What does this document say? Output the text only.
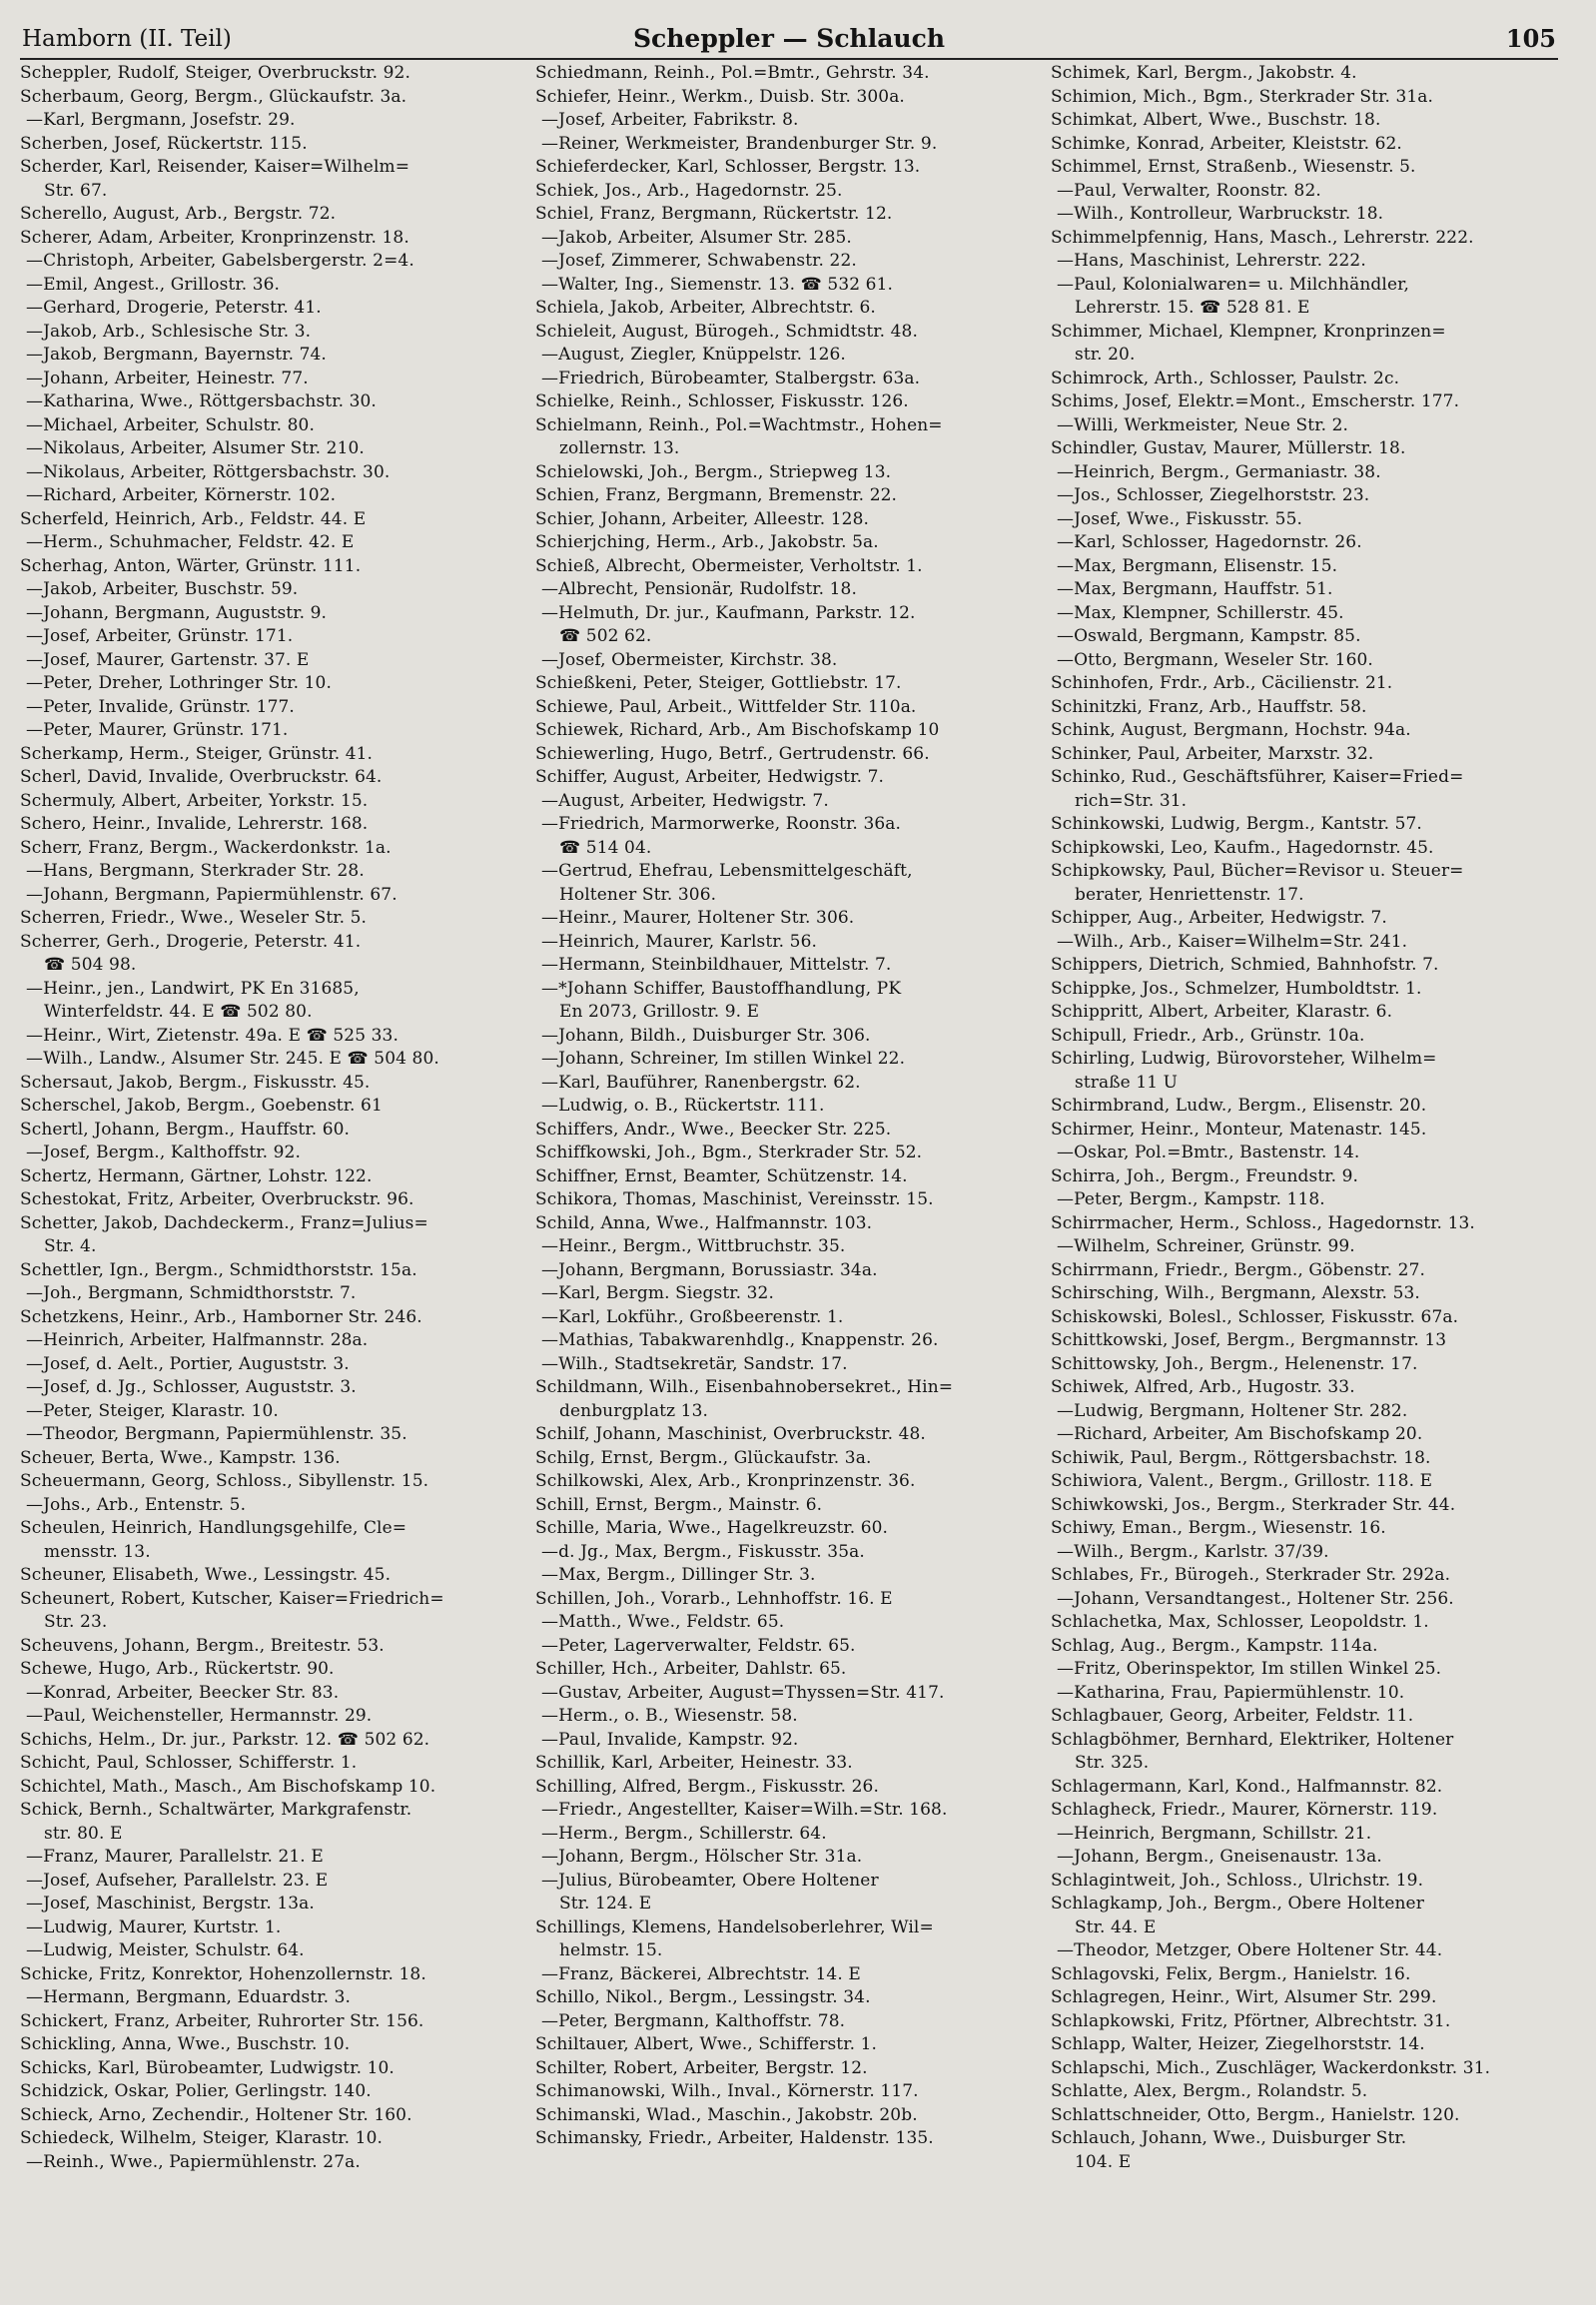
Hamborn (II. Teil)	Scheppler — Schlauch	105
Scheppler, Rudolf, Steiger, Overbruckstr. 92.
Scherbaum, Georg, Bergm., Glückaufstr. 3a.
—Karl, Bergmann, Josefstr. 29.
Scherben, Josef, Rückertstr. 115.
Scherder, Karl, Reisender, Kaiser=Wilhelm=
Str. 67.
Scherello, August, Arb., Bergstr. 72.
Scherer, Adam, Arbeiter, Kronprinzenstr. 18.
—Christoph, Arbeiter, Gabelsbergerstr. 2=4.
—Emil, Angest., Grillostr. 36.
—Gerhard, Drogerie, Peterstr. 41.
—Jakob, Arb., Schlesische Str. 3.
—Jakob, Bergmann, Bayernstr. 74.
—Johann, Arbeiter, Heinestr. 77.
—Katharina, Wwe., Röttgersbachstr. 30.
—Michael, Arbeiter, Schulstr. 80.
—Nikolaus, Arbeiter, Alsumer Str. 210.
—Nikolaus, Arbeiter, Röttgersbachstr. 30.
—Richard, Arbeiter, Körnerstr. 102.
Scherfeld, Heinrich, Arb., Feldstr. 44. E
—Herm., Schuhmacher, Feldstr. 42. E
Scherhag, Anton, Wärter, Grünstr. 111.
—Jakob, Arbeiter, Buschstr. 59.
—Johann, Bergmann, Auguststr. 9.
—Josef, Arbeiter, Grünstr. 171.
—Josef, Maurer, Gartenstr. 37. E
—Peter, Dreher, Lothringer Str. 10.
—Peter, Invalide, Grünstr. 177.
—Peter, Maurer, Grünstr. 171.
Scherkamp, Herm., Steiger, Grünstr. 41.
Scherl, David, Invalide, Overbruckstr. 64.
Schermuly, Albert, Arbeiter, Yorkstr. 15.
Schero, Heinr., Invalide, Lehrerstr. 168.
Scherr, Franz, Bergm., Wackerdonkstr. 1a.
—Hans, Bergmann, Sterkrader Str. 28.
—Johann, Bergmann, Papiermühlenstr. 67.
Scherren, Friedr., Wwe., Weseler Str. 5.
Scherrer, Gerh., Drogerie, Peterstr. 41.
☎ 504 98.
—Heinr., jen., Landwirt, PK En 31685,
Winterfeldstr. 44. E ☎ 502 80.
—Heinr., Wirt, Zietenstr. 49a. E ☎ 525 33.
—Wilh., Landw., Alsumer Str. 245. E ☎ 504 80.
Schersaut, Jakob, Bergm., Fiskusstr. 45.
Scherschel, Jakob, Bergm., Goebenstr. 61
Schertl, Johann, Bergm., Hauffstr. 60.
—Josef, Bergm., Kalthoffstr. 92.
Schertz, Hermann, Gärtner, Lohstr. 122.
Schestokat, Fritz, Arbeiter, Overbruckstr. 96.
Schetter, Jakob, Dachdeckerm., Franz=Julius=
Str. 4.
Schettler, Ign., Bergm., Schmidthorststr. 15a.
—Joh., Bergmann, Schmidthorststr. 7.
Schetzkens, Heinr., Arb., Hamborner Str. 246.
—Heinrich, Arbeiter, Halfmannstr. 28a.
—Josef, d. Aelt., Portier, Auguststr. 3.
—Josef, d. Jg., Schlosser, Auguststr. 3.
—Peter, Steiger, Klarastr. 10.
—Theodor, Bergmann, Papiermühlenstr. 35.
Scheuer, Berta, Wwe., Kampstr. 136.
Scheuermann, Georg, Schloss., Sibyllenstr. 15.
—Johs., Arb., Entenstr. 5.
Scheulen, Heinrich, Handlungsgehilfe, Cle=
mensstr. 13.
Scheuner, Elisabeth, Wwe., Lessingstr. 45.
Scheunert, Robert, Kutscher, Kaiser=Friedrich=
Str. 23.
Scheuvens, Johann, Bergm., Breitestr. 53.
Schewe, Hugo, Arb., Rückertstr. 90.
—Konrad, Arbeiter, Beecker Str. 83.
—Paul, Weichensteller, Hermannstr. 29.
Schichs, Helm., Dr. jur., Parkstr. 12. ☎ 502 62.
Schicht, Paul, Schlosser, Schifferstr. 1.
Schichtel, Math., Masch., Am Bischofskamp 10.
Schick, Bernh., Schaltwärter, Markgrafenstr.
str. 80. E
—Franz, Maurer, Parallelstr. 21. E
—Josef, Aufseher, Parallelstr. 23. E
—Josef, Maschinist, Bergstr. 13a.
—Ludwig, Maurer, Kurtstr. 1.
—Ludwig, Meister, Schulstr. 64.
Schicke, Fritz, Konrektor, Hohenzollernstr. 18.
—Hermann, Bergmann, Eduardstr. 3.
Schickert, Franz, Arbeiter, Ruhrorter Str. 156.
Schickling, Anna, Wwe., Buschstr. 10.
Schicks, Karl, Bürobeamter, Ludwigstr. 10.
Schidzick, Oskar, Polier, Gerlingstr. 140.
Schieck, Arno, Zechendir., Holtener Str. 160.
Schiedeck, Wilhelm, Steiger, Klarastr. 10.
—Reinh., Wwe., Papiermühlenstr. 27a.
Schiedmann, Reinh., Pol.=Bmtr., Gehrstr. 34.
Schiefer, Heinr., Werkm., Duisb. Str. 300a.
—Josef, Arbeiter, Fabrikstr. 8.
—Reiner, Werkmeister, Brandenburger Str. 9.
Schieferdecker, Karl, Schlosser, Bergstr. 13.
Schiek, Jos., Arb., Hagedornstr. 25.
Schiel, Franz, Bergmann, Rückertstr. 12.
—Jakob, Arbeiter, Alsumer Str. 285.
—Josef, Zimmerer, Schwabenstr. 22.
—Walter, Ing., Siemenstr. 13. ☎ 532 61.
Schiela, Jakob, Arbeiter, Albrechtstr. 6.
Schieleit, August, Bürogeh., Schmidtstr. 48.
—August, Ziegler, Knüppelstr. 126.
—Friedrich, Bürobeamter, Stalbergstr. 63a.
Schielke, Reinh., Schlosser, Fiskusstr. 126.
Schielmann, Reinh., Pol.=Wachtmstr., Hohen=
zollernstr. 13.
Schielowski, Joh., Bergm., Striepweg 13.
Schien, Franz, Bergmann, Bremenstr. 22.
Schier, Johann, Arbeiter, Alleestr. 128.
Schierjching, Herm., Arb., Jakobstr. 5a.
Schieß, Albrecht, Obermeister, Verholtstr. 1.
—Albrecht, Pensionär, Rudolfstr. 18.
—Helmuth, Dr. jur., Kaufmann, Parkstr. 12.
☎ 502 62.
—Josef, Obermeister, Kirchstr. 38.
Schießkeni, Peter, Steiger, Gottliebstr. 17.
Schiewe, Paul, Arbeit., Wittfelder Str. 110a.
Schiewek, Richard, Arb., Am Bischofskamp 10
Schiewerling, Hugo, Betrf., Gertrudenstr. 66.
Schiffer, August, Arbeiter, Hedwigstr. 7.
—August, Arbeiter, Hedwigstr. 7.
—Friedrich, Marmorwerke, Roonstr. 36a.
☎ 514 04.
—Gertrud, Ehefrau, Lebensmittelgeschäft,
Holtener Str. 306.
—Heinr., Maurer, Holtener Str. 306.
—Heinrich, Maurer, Karlstr. 56.
—Hermann, Steinbildhauer, Mittelstr. 7.
—*Johann Schiffer, Baustoffhandlung, PK
En 2073, Grillostr. 9. E
—Johann, Bildh., Duisburger Str. 306.
—Johann, Schreiner, Im stillen Winkel 22.
—Karl, Bauführer, Ranenbergstr. 62.
—Ludwig, o. B., Rückertstr. 111.
Schiffers, Andr., Wwe., Beecker Str. 225.
Schiffkowski, Joh., Bgm., Sterkrader Str. 52.
Schiffner, Ernst, Beamter, Schützenstr. 14.
Schikora, Thomas, Maschinist, Vereinsstr. 15.
Schild, Anna, Wwe., Halfmannstr. 103.
—Heinr., Bergm., Wittbruchstr. 35.
—Johann, Bergmann, Borussiastr. 34a.
—Karl, Bergm. Siegstr. 32.
—Karl, Lokführ., Großbeerenstr. 1.
—Mathias, Tabakwarenhdlg., Knappenstr. 26.
—Wilh., Stadtsekretär, Sandstr. 17.
Schildmann, Wilh., Eisenbahnobersekret., Hin=
denburgplatz 13.
Schilf, Johann, Maschinist, Overbruckstr. 48.
Schilg, Ernst, Bergm., Glückaufstr. 3a.
Schilkowski, Alex, Arb., Kronprinzenstr. 36.
Schill, Ernst, Bergm., Mainstr. 6.
Schille, Maria, Wwe., Hagelkreuzstr. 60.
—d. Jg., Max, Bergm., Fiskusstr. 35a.
—Max, Bergm., Dillinger Str. 3.
Schillen, Joh., Vorarb., Lehnhoffstr. 16. E
—Matth., Wwe., Feldstr. 65.
—Peter, Lagerverwalter, Feldstr. 65.
Schiller, Hch., Arbeiter, Dahlstr. 65.
—Gustav, Arbeiter, August=Thyssen=Str. 417.
—Herm., o. B., Wiesenstr. 58.
—Paul, Invalide, Kampstr. 92.
Schillik, Karl, Arbeiter, Heinestr. 33.
Schilling, Alfred, Bergm., Fiskusstr. 26.
—Friedr., Angestellter, Kaiser=Wilh.=Str. 168.
—Herm., Bergm., Schillerstr. 64.
—Johann, Bergm., Hölscher Str. 31a.
—Julius, Bürobeamter, Obere Holtener
Str. 124. E
Schillings, Klemens, Handelsoberlehrer, Wil=
helmstr. 15.
—Franz, Bäckerei, Albrechtstr. 14. E
Schillo, Nikol., Bergm., Lessingstr. 34.
—Peter, Bergmann, Kalthoffstr. 78.
Schiltauer, Albert, Wwe., Schifferstr. 1.
Schilter, Robert, Arbeiter, Bergstr. 12.
Schimanowski, Wilh., Inval., Körnerstr. 117.
Schimanski, Wlad., Maschin., Jakobstr. 20b.
Schimansky, Friedr., Arbeiter, Haldenstr. 135.
Schimek, Karl, Bergm., Jakobstr. 4.
Schimion, Mich., Bgm., Sterkrader Str. 31a.
Schimkat, Albert, Wwe., Buschstr. 18.
Schimke, Konrad, Arbeiter, Kleiststr. 62.
Schimmel, Ernst, Straßenb., Wiesenstr. 5.
—Paul, Verwalter, Roonstr. 82.
—Wilh., Kontrolleur, Warbruckstr. 18.
Schimmelpfennig, Hans, Masch., Lehrerstr. 222.
—Hans, Maschinist, Lehrerstr. 222.
—Paul, Kolonialwaren= u. Milchhändler,
Lehrerstr. 15. ☎ 528 81. E
Schimmer, Michael, Klempner, Kronprinzen=
str. 20.
Schimrock, Arth., Schlosser, Paulstr. 2c.
Schims, Josef, Elektr.=Mont., Emscherstr. 177.
—Willi, Werkmeister, Neue Str. 2.
Schindler, Gustav, Maurer, Müllerstr. 18.
—Heinrich, Bergm., Germaniastr. 38.
—Jos., Schlosser, Ziegelhorststr. 23.
—Josef, Wwe., Fiskusstr. 55.
—Karl, Schlosser, Hagedornstr. 26.
—Max, Bergmann, Elisenstr. 15.
—Max, Bergmann, Hauffstr. 51.
—Max, Klempner, Schillerstr. 45.
—Oswald, Bergmann, Kampstr. 85.
—Otto, Bergmann, Weseler Str. 160.
Schinhofen, Frdr., Arb., Cäcilienstr. 21.
Schinitzki, Franz, Arb., Hauffstr. 58.
Schink, August, Bergmann, Hochstr. 94a.
Schinker, Paul, Arbeiter, Marxstr. 32.
Schinko, Rud., Geschäftsführer, Kaiser=Fried=
rich=Str. 31.
Schinkowski, Ludwig, Bergm., Kantstr. 57.
Schipkowski, Leo, Kaufm., Hagedornstr. 45.
Schipkowsky, Paul, Bücher=Revisor u. Steuer=
berater, Henriettenstr. 17.
Schipper, Aug., Arbeiter, Hedwigstr. 7.
—Wilh., Arb., Kaiser=Wilhelm=Str. 241.
Schippers, Dietrich, Schmied, Bahnhofstr. 7.
Schippke, Jos., Schmelzer, Humboldtstr. 1.
Schippritt, Albert, Arbeiter, Klarastr. 6.
Schipull, Friedr., Arb., Grünstr. 10a.
Schirling, Ludwig, Bürovorsteher, Wilhelm=
straße 11 U
Schirmbrand, Ludw., Bergm., Elisenstr. 20.
Schirmer, Heinr., Monteur, Matenastr. 145.
—Oskar, Pol.=Bmtr., Bastenstr. 14.
Schirra, Joh., Bergm., Freundstr. 9.
—Peter, Bergm., Kampstr. 118.
Schirrmacher, Herm., Schloss., Hagedornstr. 13.
—Wilhelm, Schreiner, Grünstr. 99.
Schirrmann, Friedr., Bergm., Göbenstr. 27.
Schirsching, Wilh., Bergmann, Alexstr. 53.
Schiskowski, Bolesl., Schlosser, Fiskusstr. 67a.
Schittkowski, Josef, Bergm., Bergmannstr. 13
Schittowsky, Joh., Bergm., Helenenstr. 17.
Schiwek, Alfred, Arb., Hugostr. 33.
—Ludwig, Bergmann, Holtener Str. 282.
—Richard, Arbeiter, Am Bischofskamp 20.
Schiwik, Paul, Bergm., Röttgersbachstr. 18.
Schiwiora, Valent., Bergm., Grillostr. 118. E
Schiwkowski, Jos., Bergm., Sterkrader Str. 44.
Schiwy, Eman., Bergm., Wiesenstr. 16.
—Wilh., Bergm., Karlstr. 37/39.
Schlabes, Fr., Bürogeh., Sterkrader Str. 292a.
—Johann, Versandtangest., Holtener Str. 256.
Schlachetka, Max, Schlosser, Leopoldstr. 1.
Schlag, Aug., Bergm., Kampstr. 114a.
—Fritz, Oberinspektor, Im stillen Winkel 25.
—Katharina, Frau, Papiermühlenstr. 10.
Schlagbauer, Georg, Arbeiter, Feldstr. 11.
Schlagböhmer, Bernhard, Elektriker, Holtener
Str. 325.
Schlagermann, Karl, Kond., Halfmannstr. 82.
Schlagheck, Friedr., Maurer, Körnerstr. 119.
—Heinrich, Bergmann, Schillstr. 21.
—Johann, Bergm., Gneisenaustr. 13a.
Schlagintweit, Joh., Schloss., Ulrichstr. 19.
Schlagkamp, Joh., Bergm., Obere Holtener
Str. 44. E
—Theodor, Metzger, Obere Holtener Str. 44.
Schlagovski, Felix, Bergm., Hanielstr. 16.
Schlagregen, Heinr., Wirt, Alsumer Str. 299.
Schlapkowski, Fritz, Pförtner, Albrechtstr. 31.
Schlapp, Walter, Heizer, Ziegelhorststr. 14.
Schlapschi, Mich., Zuschläger, Wackerdonkstr. 31.
Schlatte, Alex, Bergm., Rolandstr. 5.
Schlattschneider, Otto, Bergm., Hanielstr. 120.
Schlauch, Johann, Wwe., Duisburger Str.
104. E
